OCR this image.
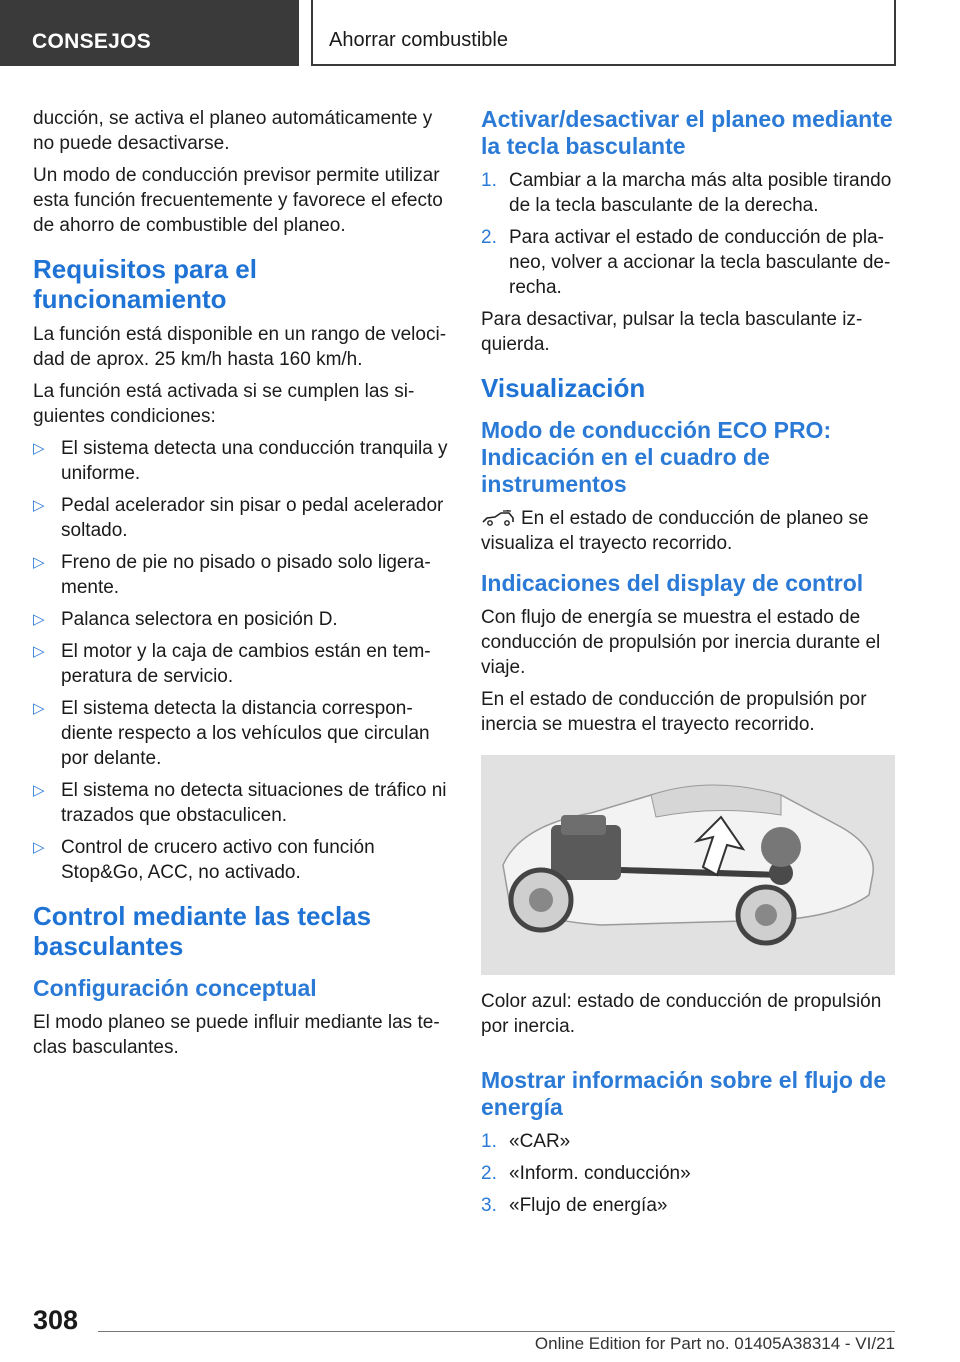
CONSEJOS	Ahorrar combustible

ducción, se activa el planeo automáticamente y no puede desactivarse.

Un modo de conducción previsor permite utilizar esta función frecuentemente y favorece el efecto de ahorro de combustible del planeo.

Requisitos para el funcionamiento

La función está disponible en un rango de velocidad de aprox. 25 km/h hasta 160 km/h.

La función está activada si se cumplen las siguientes condiciones:

▷ El sistema detecta una conducción tranquila y uniforme.
▷ Pedal acelerador sin pisar o pedal acelerador soltado.
▷ Freno de pie no pisado o pisado solo ligeramente.
▷ Palanca selectora en posición D.
▷ El motor y la caja de cambios están en temperatura de servicio.
▷ El sistema detecta la distancia correspondiente respecto a los vehículos que circulan por delante.
▷ El sistema no detecta situaciones de tráfico ni trazados que obstaculicen.
▷ Control de crucero activo con función Stop&Go, ACC, no activado.
Control mediante las teclas basculantes
Configuración conceptual

El modo planeo se puede influir mediante las teclas basculantes.

Activar/desactivar el planeo mediante la tecla basculante
1. Cambiar a la marcha más alta posible tirando de la tecla basculante de la derecha.
2. Para activar el estado de conducción de planeo, volver a accionar la tecla basculante derecha.

Para desactivar, pulsar la tecla basculante izquierda.

Visualización
Modo de conducción ECO PRO: Indicación en el cuadro de instrumentos

En el estado de conducción de planeo se visualiza el trayecto recorrido.

Indicaciones del display de control

Con flujo de energía se muestra el estado de conducción de propulsión por inercia durante el viaje.

En el estado de conducción de propulsión por inercia se muestra el trayecto recorrido.

Color azul: estado de conducción de propulsión por inercia.

Mostrar información sobre el flujo de energía
1. «CAR»
2. «Inform. conducción»
3. «Flujo de energía»
308
Online Edition for Part no. 01405A38314 - VI/21
